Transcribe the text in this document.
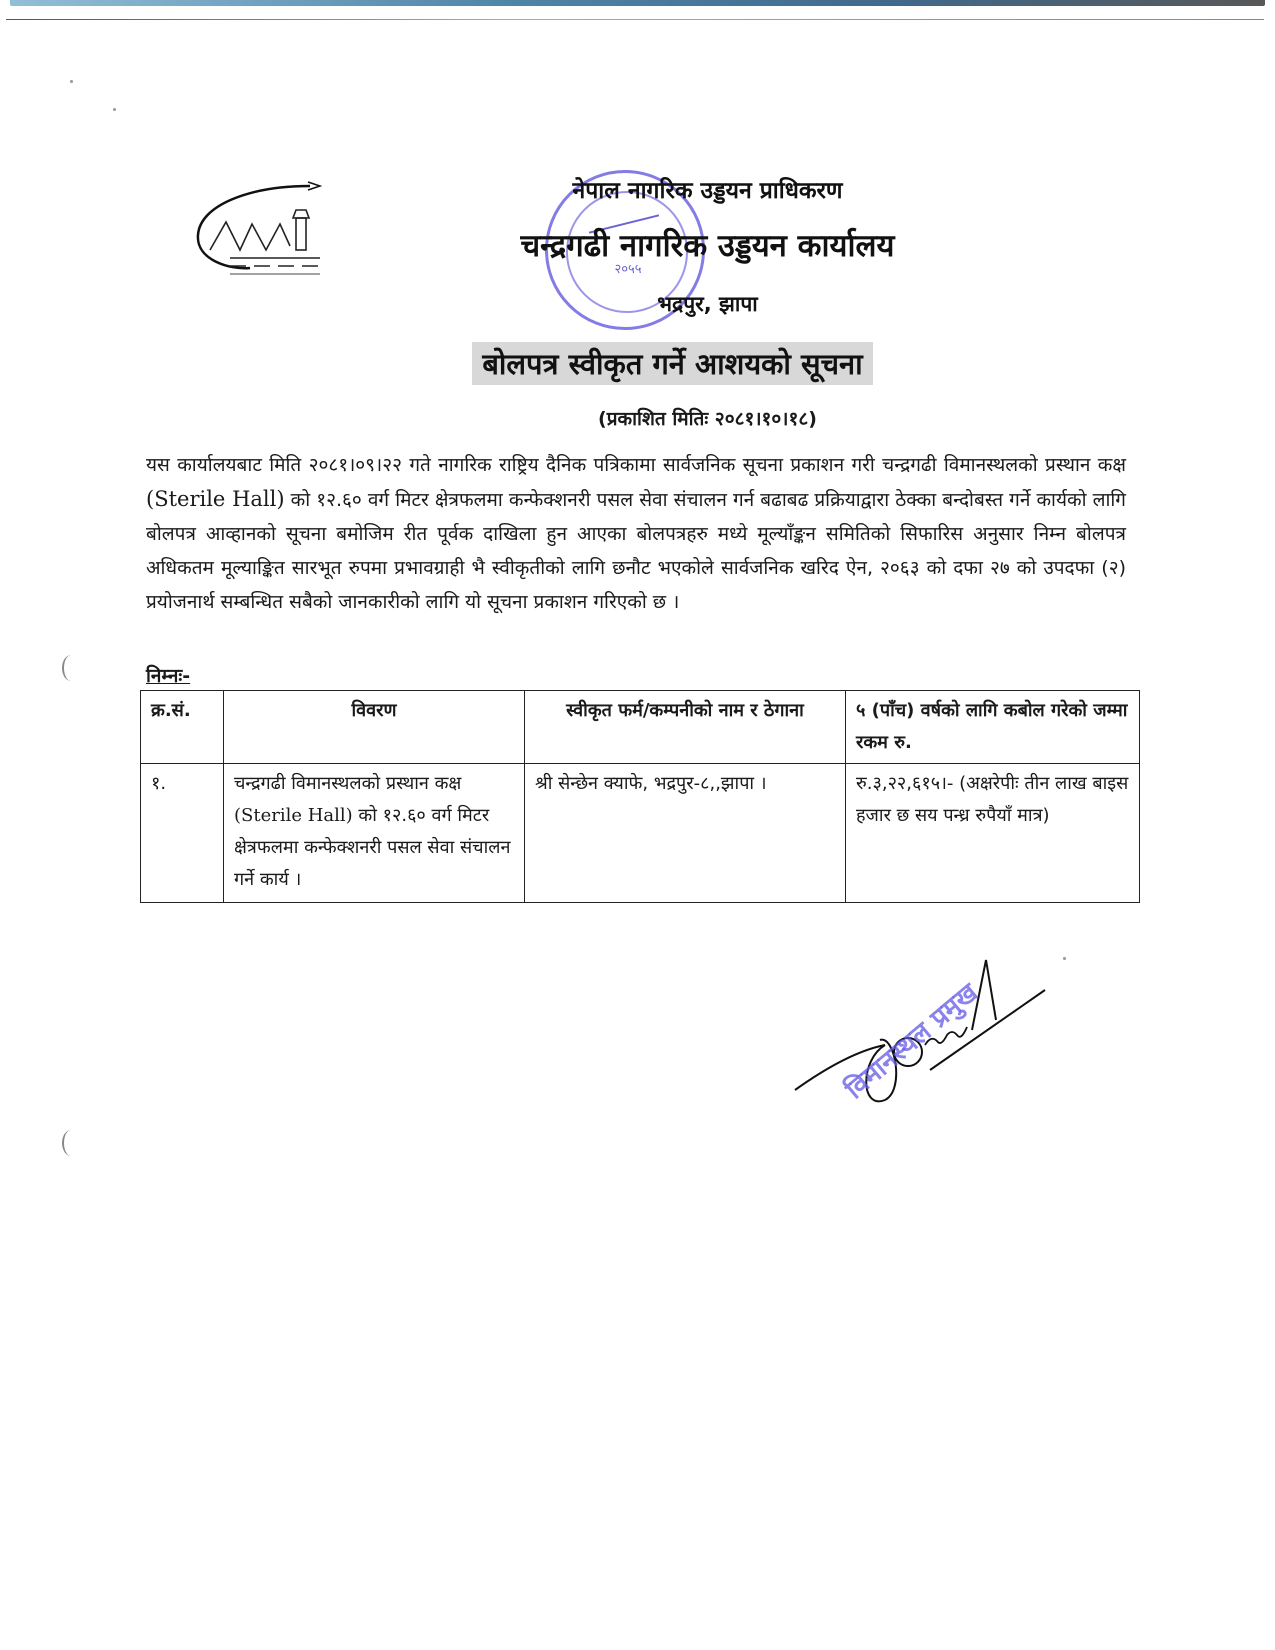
२०५५
नेपाल नागरिक उड्डयन प्राधिकरण
चन्द्रगढी नागरिक उड्डयन कार्यालय
भद्रपुर, झापा
बोलपत्र स्वीकृत गर्ने आशयको सूचना
(प्रकाशित मितिः २०८१।१०।१८)
यस कार्यालयबाट मिति २०८१।०९।२२ गते नागरिक राष्ट्रिय दैनिक पत्रिकामा सार्वजनिक सूचना प्रकाशन गरी चन्द्रगढी विमानस्थलको प्रस्थान कक्ष (Sterile Hall) को १२.६० वर्ग मिटर क्षेत्रफलमा कन्फेक्शनरी पसल सेवा संचालन गर्न बढाबढ प्रक्रियाद्वारा ठेक्का बन्दोबस्त गर्ने कार्यको लागि बोलपत्र आव्हानको सूचना बमोजिम रीत पूर्वक दाखिला हुन आएका बोलपत्रहरु मध्ये मूल्याँङ्कन समितिको सिफारिस अनुसार निम्न बोलपत्र अधिकतम मूल्याङ्कित सारभूत रुपमा प्रभावग्राही भै स्वीकृतीको लागि छनौट भएकोले सार्वजनिक खरिद ऐन, २०६३ को दफा २७ को उपदफा (२) प्रयोजनार्थ सम्बन्धित सबैको जानकारीको लागि यो सूचना प्रकाशन गरिएको छ ।
निम्नः-
क्र.सं.	विवरण	स्वीकृत फर्म/कम्पनीको नाम र ठेगाना	५ (पाँच) वर्षको लागि कबोल गरेको जम्मा रकम रु.
१.	चन्द्रगढी विमानस्थलको प्रस्थान कक्ष (Sterile Hall) को १२.६० वर्ग मिटर क्षेत्रफलमा कन्फेक्शनरी पसल सेवा संचालन गर्ने कार्य ।	श्री सेन्छेन क्याफे, भद्रपुर-८,,झापा ।	रु.३,२२,६१५।- (अक्षरेपीः तीन लाख बाइस हजार छ सय पन्ध्र रुपैयाँ मात्र)
विमानस्थल प्रमुख
